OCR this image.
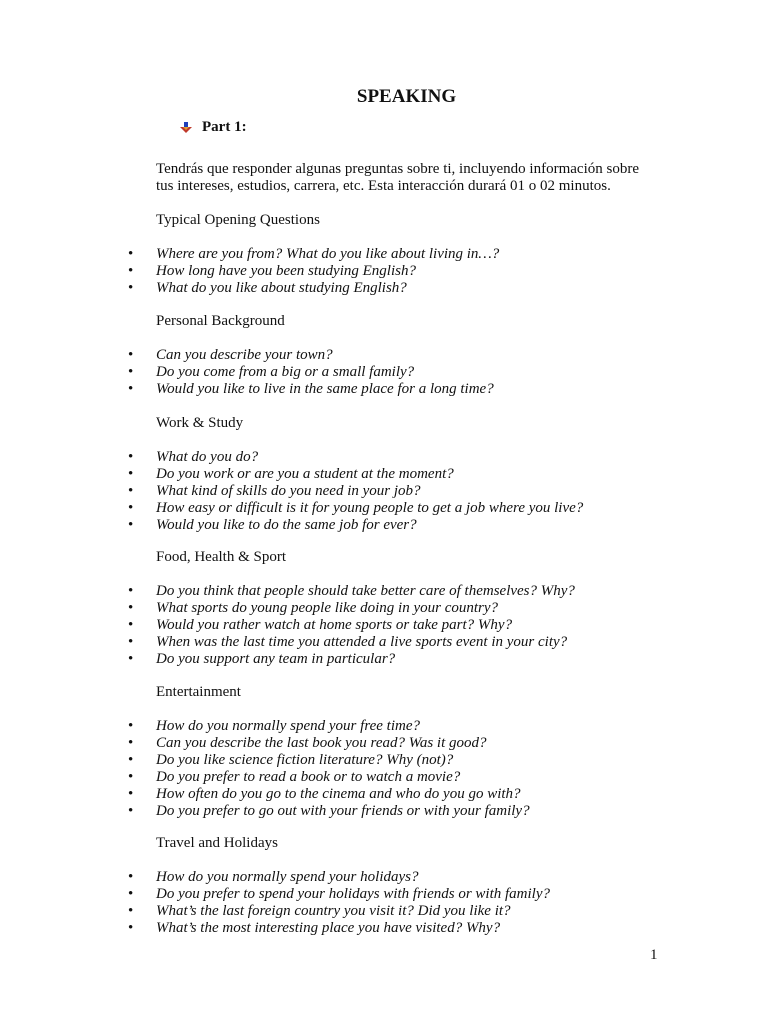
SPEAKING
Part 1:
Tendrás que responder algunas preguntas sobre ti, incluyendo información sobre
tus intereses, estudios, carrera, etc. Esta interacción durará 01 o 02 minutos.
Typical Opening Questions
• Where are you from? What do you like about living in…?
• How long have you been studying English?
• What do you like about studying English?
Personal Background
• Can you describe your town?
• Do you come from a big or a small family?
• Would you like to live in the same place for a long time?
Work & Study
• What do you do?
• Do you work or are you a student at the moment?
• What kind of skills do you need in your job?
• How easy or difficult is it for young people to get a job where you live?
• Would you like to do the same job for ever?
Food, Health & Sport
• Do you think that people should take better care of themselves? Why?
• What sports do young people like doing in your country?
• Would you rather watch at home sports or take part? Why?
• When was the last time you attended a live sports event in your city?
• Do you support any team in particular?
Entertainment
• How do you normally spend your free time?
• Can you describe the last book you read? Was it good?
• Do you like science fiction literature? Why (not)?
• Do you prefer to read a book or to watch a movie?
• How often do you go to the cinema and who do you go with?
• Do you prefer to go out with your friends or with your family?
Travel and Holidays
• How do you normally spend your holidays?
• Do you prefer to spend your holidays with friends or with family?
• What’s the last foreign country you visit it? Did you like it?
• What’s the most interesting place you have visited? Why?
1
